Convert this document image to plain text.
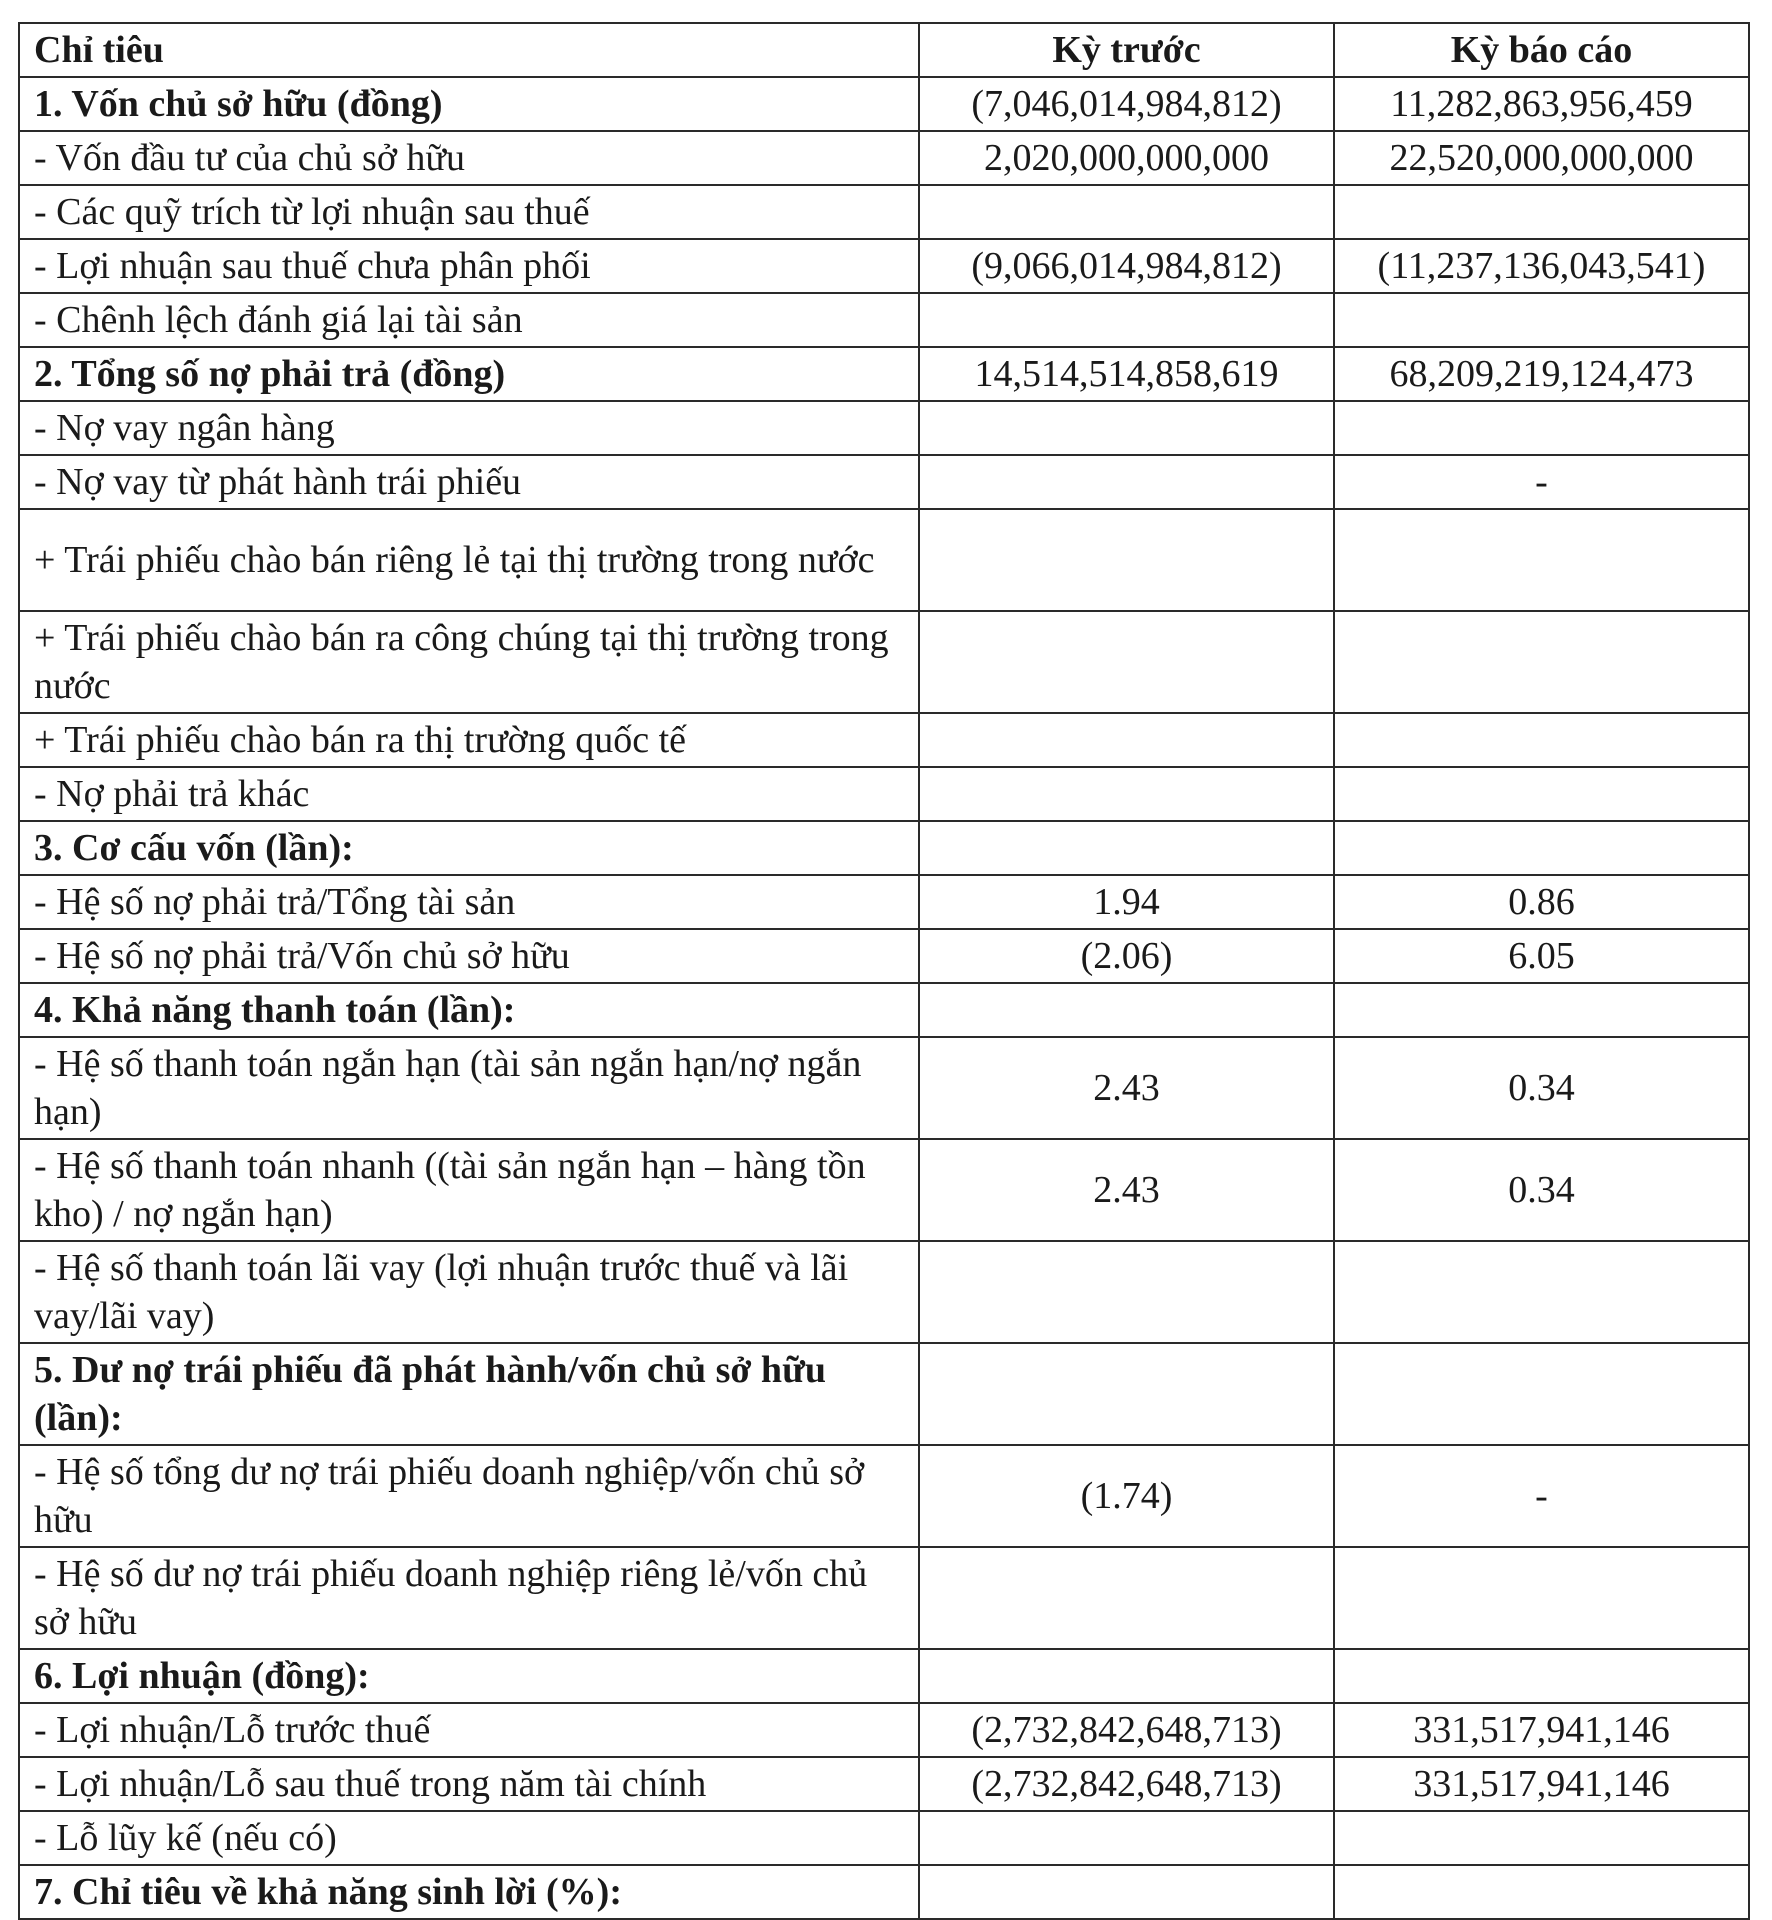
Chỉ tiêu	Kỳ trước	Kỳ báo cáo
1. Vốn chủ sở hữu (đồng)	(7,046,014,984,812)	11,282,863,956,459
- Vốn đầu tư của chủ sở hữu	2,020,000,000,000	22,520,000,000,000
- Các quỹ trích từ lợi nhuận sau thuế		
- Lợi nhuận sau thuế chưa phân phối	(9,066,014,984,812)	(11,237,136,043,541)
- Chênh lệch đánh giá lại tài sản		
2. Tổng số nợ phải trả (đồng)	14,514,514,858,619	68,209,219,124,473
- Nợ vay ngân hàng		
- Nợ vay từ phát hành trái phiếu		-
+ Trái phiếu chào bán riêng lẻ tại thị trường trong nước		
+ Trái phiếu chào bán ra công chúng tại thị trường trong nước		
+ Trái phiếu chào bán ra thị trường quốc tế		
- Nợ phải trả khác		
3. Cơ cấu vốn (lần):		
- Hệ số nợ phải trả/Tổng tài sản	1.94	0.86
- Hệ số nợ phải trả/Vốn chủ sở hữu	(2.06)	6.05
4. Khả năng thanh toán (lần):		
- Hệ số thanh toán ngắn hạn (tài sản ngắn hạn/nợ ngắn hạn)	2.43	0.34
- Hệ số thanh toán nhanh ((tài sản ngắn hạn – hàng tồn kho) / nợ ngắn hạn)	2.43	0.34
- Hệ số thanh toán lãi vay (lợi nhuận trước thuế và lãi vay/lãi vay)		
5. Dư nợ trái phiếu đã phát hành/vốn chủ sở hữu (lần):		
- Hệ số tổng dư nợ trái phiếu doanh nghiệp/vốn chủ sở hữu	(1.74)	-
- Hệ số dư nợ trái phiếu doanh nghiệp riêng lẻ/vốn chủ sở hữu		
6. Lợi nhuận (đồng):		
- Lợi nhuận/Lỗ trước thuế	(2,732,842,648,713)	331,517,941,146
- Lợi nhuận/Lỗ sau thuế trong năm tài chính	(2,732,842,648,713)	331,517,941,146
- Lỗ lũy kế (nếu có)		
7. Chỉ tiêu về khả năng sinh lời (%):		
